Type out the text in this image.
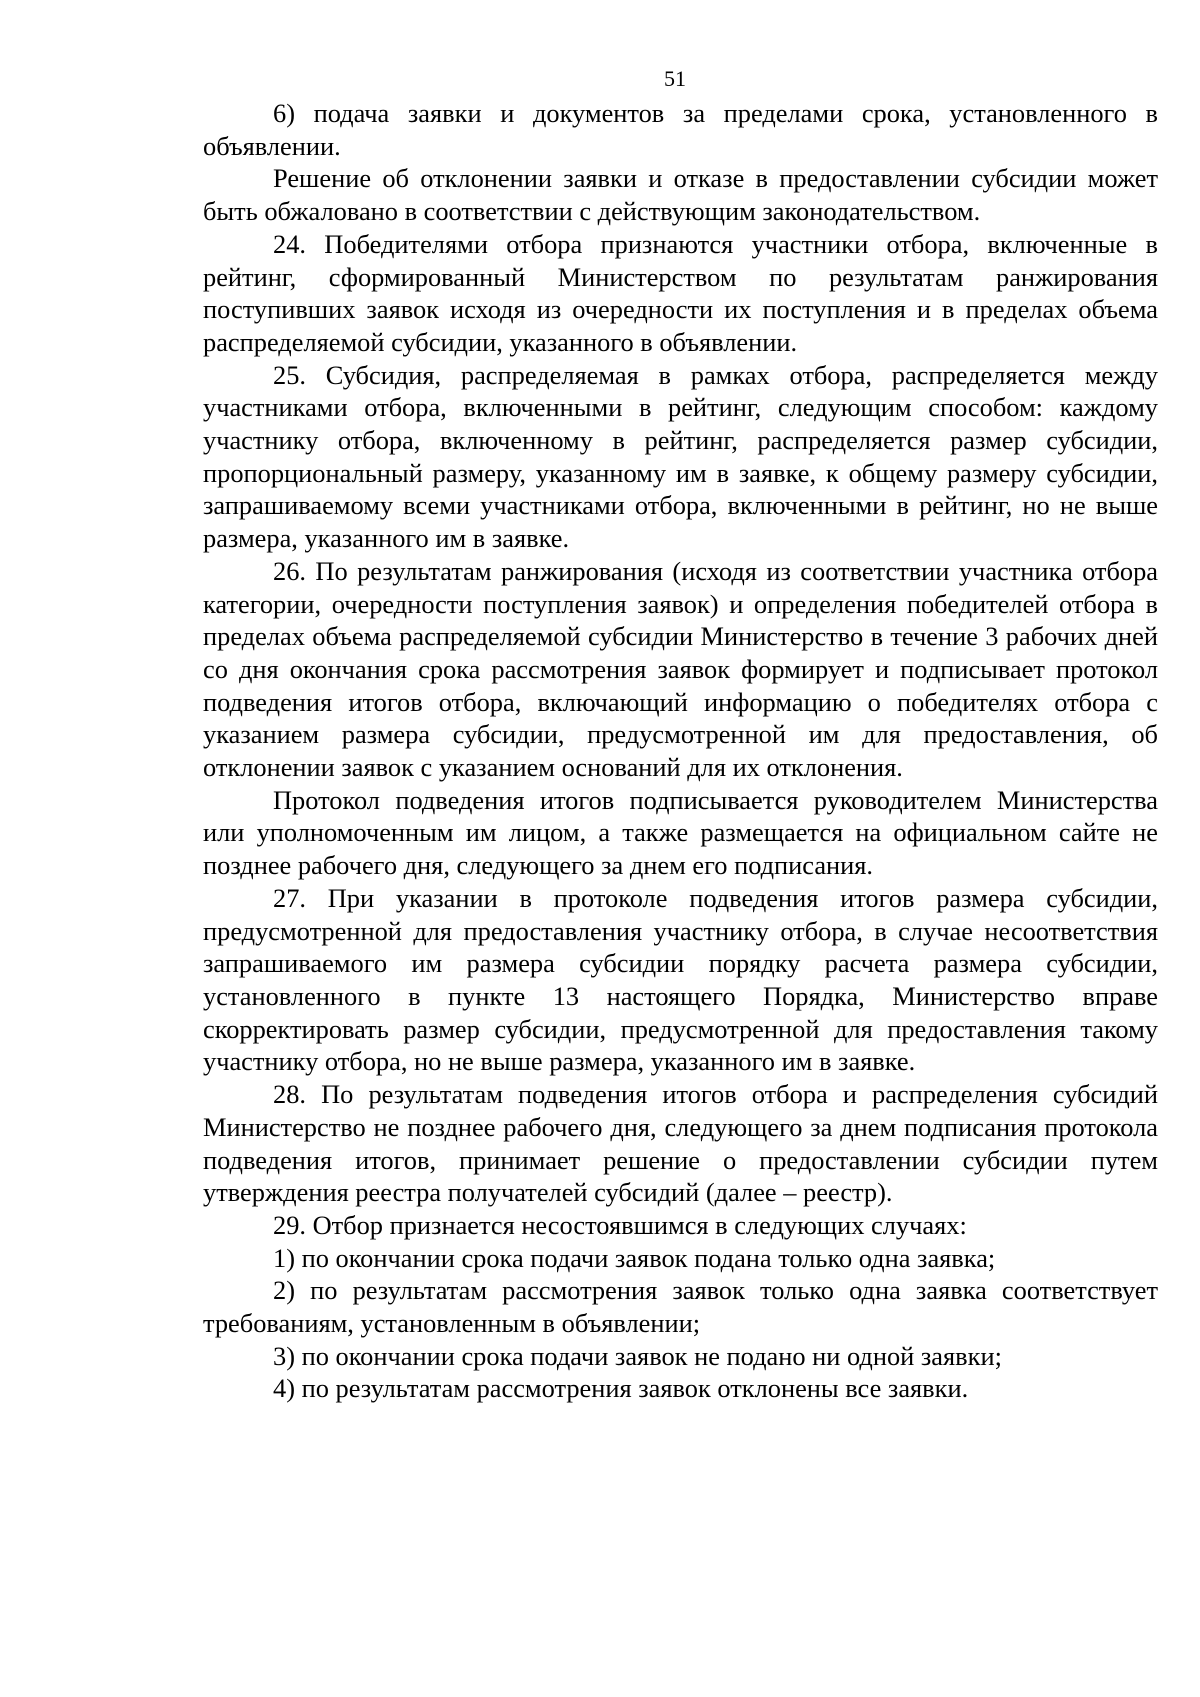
51

6) подача заявки и документов за пределами срока, установленного в объявлении.

Решение об отклонении заявки и отказе в предоставлении субсидии может быть обжаловано в соответствии с действующим законодательством.

24. Победителями отбора признаются участники отбора, включенные в рейтинг, сформированный Министерством по результатам ранжирования поступивших заявок исходя из очередности их поступления и в пределах объема распределяемой субсидии, указанного в объявлении.

25. Субсидия, распределяемая в рамках отбора, распределяется между участниками отбора, включенными в рейтинг, следующим способом: каждому участнику отбора, включенному в рейтинг, распределяется размер субсидии, пропорциональный размеру, указанному им в заявке, к общему размеру субсидии, запрашиваемому всеми участниками отбора, включенными в рейтинг, но не выше размера, указанного им в заявке.

26. По результатам ранжирования (исходя из соответствии участника отбора категории, очередности поступления заявок) и определения победителей отбора в пределах объема распределяемой субсидии Министерство в течение 3 рабочих дней со дня окончания срока рассмотрения заявок формирует и подписывает протокол подведения итогов отбора, включающий информацию о победителях отбора с указанием размера субсидии, предусмотренной им для предоставления, об отклонении заявок с указанием оснований для их отклонения.

Протокол подведения итогов подписывается руководителем Министерства или уполномоченным им лицом, а также размещается на официальном сайте не позднее рабочего дня, следующего за днем его подписания.

27. При указании в протоколе подведения итогов размера субсидии, предусмотренной для предоставления участнику отбора, в случае несоответствия запрашиваемого им размера субсидии порядку расчета размера субсидии, установленного в пункте 13 настоящего Порядка, Министерство вправе скорректировать размер субсидии, предусмотренной для предоставления такому участнику отбора, но не выше размера, указанного им в заявке.

28. По результатам подведения итогов отбора и распределения субсидий Министерство не позднее рабочего дня, следующего за днем подписания протокола подведения итогов, принимает решение о предоставлении субсидии путем утверждения реестра получателей субсидий (далее – реестр).

29. Отбор признается несостоявшимся в следующих случаях:

1) по окончании срока подачи заявок подана только одна заявка;

2) по результатам рассмотрения заявок только одна заявка соответствует требованиям, установленным в объявлении;

3) по окончании срока подачи заявок не подано ни одной заявки;

4) по результатам рассмотрения заявок отклонены все заявки.
